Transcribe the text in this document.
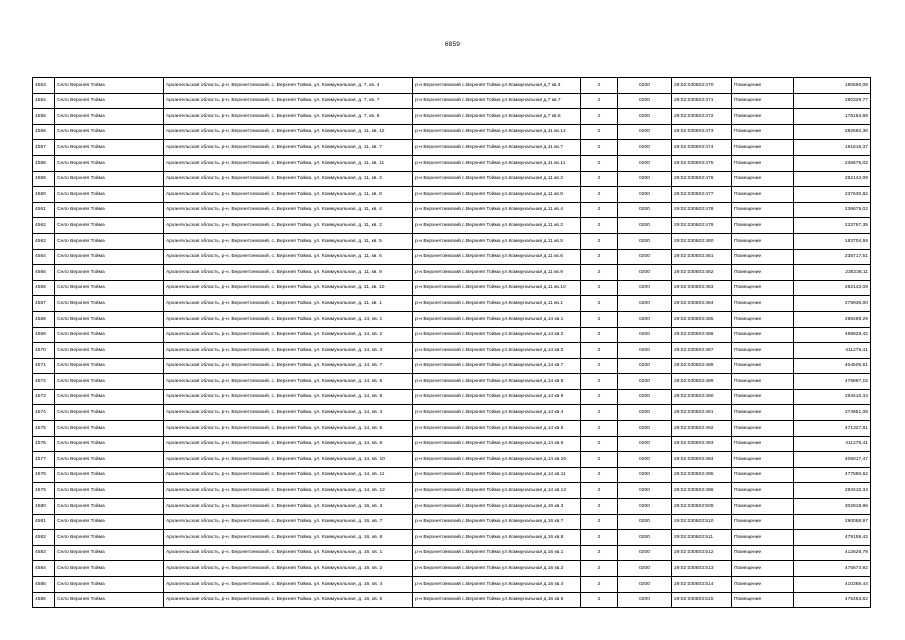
6859
4553	Село Верхняя Тойма	Архангельская область, р-н. Верхнетоемский, с. Верхняя Тойма, ул. Коммунальная, д. 7, кв. 4	р-н Верхнетоемский с.Верхняя Тойма ул.Коммунальная д.7 кв.4	2	0200	29:02:030503:470	Помещение	180560,08
4554	Село Верхняя Тойма	Архангельская область, р-н. Верхнетоемский, с. Верхняя Тойма, ул. Коммунальная, д. 7, кв. 7	р-н Верхнетоемский с.Верхняя Тойма ул.Коммунальная д.7 кв.7	2	0200	29:02:030503:471	Помещение	290329,77
4555	Село Верхняя Тойма	Архангельская область, р-н. Верхнетоемский, с. Верхняя Тойма, ул. Коммунальная, д. 7, кв. 8	р-н Верхнетоемский с.Верхняя Тойма ул.Коммунальная д.7 кв.8	2	0200	29:02:030503:472	Помещение	176163,89
4556	Село Верхняя Тойма	Архангельская область, р-н. Верхнетоемский, с. Верхняя Тойма, ул. Коммунальная, д. 11, кв. 12	р-н Верхнетоемский с.Верхняя Тойма ул.Коммунальная д.11 кв.12	2	0200	29:02:030503:473	Помещение	282582,36
4557	Село Верхняя Тойма	Архангельская область, р-н. Верхнетоемский, с. Верхняя Тойма, ул. Коммунальная, д. 11, кв. 7	р-н Верхнетоемский с.Верхняя Тойма ул.Коммунальная д.11 кв.7	2	0200	29:02:030503:474	Помещение	181615,37
4558	Село Верхняя Тойма	Архангельская область, р-н. Верхнетоемский, с. Верхняя Тойма, ул. Коммунальная, д. 11, кв. 11	р-н Верхнетоемский с.Верхняя Тойма ул.Коммунальная д.11 кв.11	2	0200	29:02:030503:475	Помещение	236675,02
4559	Село Верхняя Тойма	Архангельская область, р-н. Верхнетоемский, с. Верхняя Тойма, ул. Коммунальная, д. 11, кв. 3	р-н Верхнетоемский с.Верхняя Тойма ул.Коммунальная д.11 кв.3	2	0200	29:02:030503:476	Помещение	282142,09
4560	Село Верхняя Тойма	Архангельская область, р-н. Верхнетоемский, с. Верхняя Тойма, ул. Коммунальная, д. 11, кв. 8	р-н Верхнетоемский с.Верхняя Тойма ул.Коммунальная д.11 кв.8	2	0200	29:02:030503:477	Помещение	237630,82
4561	Село Верхняя Тойма	Архангельская область, р-н. Верхнетоемский, с. Верхняя Тойма, ул. Коммунальная, д. 11, кв. 4	р-н Верхнетоемский с.Верхняя Тойма ул.Коммунальная д.11 кв.4	2	0200	29:02:030503:478	Помещение	236675,02
4562	Село Верхняя Тойма	Архангельская область, р-н. Верхнетоемский, с. Верхняя Тойма, ул. Коммунальная, д. 11, кв. 2	р-н Верхнетоемский с.Верхняя Тойма ул.Коммунальная д.11 кв.2	2	0200	29:02:030503:479	Помещение	233797,35
4563	Село Верхняя Тойма	Архангельская область, р-н. Верхнетоемский, с. Верхняя Тойма, ул. Коммунальная, д. 11, кв. 5	р-н Верхнетоемский с.Верхняя Тойма ул.Коммунальная д.11 кв.5	2	0200	29:02:030503:480	Помещение	183704,59
4564	Село Верхняя Тойма	Архангельская область, р-н. Верхнетоемский, с. Верхняя Тойма, ул. Коммунальная, д. 11, кв. 6	р-н Верхнетоемский с.Верхняя Тойма ул.Коммунальная д.11 кв.6	2	0200	29:02:030503:481	Помещение	235717,51
4565	Село Верхняя Тойма	Архангельская область, р-н. Верхнетоемский, с. Верхняя Тойма, ул. Коммунальная, д. 11, кв. 9	р-н Верхнетоемский с.Верхняя Тойма ул.Коммунальная д.11 кв.9	2	0200	29:02:030503:482	Помещение	235238,11
4566	Село Верхняя Тойма	Архангельская область, р-н. Верхнетоемский, с. Верхняя Тойма, ул. Коммунальная, д. 11, кв. 10	р-н Верхнетоемский с.Верхняя Тойма ул.Коммунальная д.11 кв.10	2	0200	29:02:030503:483	Помещение	282142,09
4567	Село Верхняя Тойма	Архангельская область, р-н. Верхнетоемский, с. Верхняя Тойма, ул. Коммунальная, д. 11, кв. 1	р-н Верхнетоемский с.Верхняя Тойма ул.Коммунальная д.11 кв.1	2	0200	29:02:030503:484	Помещение	279936,00
4568	Село Верхняя Тойма	Архангельская область, р-н. Верхнетоемский, с. Верхняя Тойма, ул. Коммунальная, д. 14, кв. 1	р-н Верхнетоемский с.Верхняя Тойма ул.Коммунальная д.14 кв.1	2	0200	29:02:030503:485	Помещение	298469,29
4569	Село Верхняя Тойма	Архангельская область, р-н. Верхнетоемский, с. Верхняя Тойма, ул. Коммунальная, д. 14, кв. 2	р-н Верхнетоемский с.Верхняя Тойма ул.Коммунальная д.14 кв.2	2	0200	29:02:030503:486	Помещение	469929,42
4570	Село Верхняя Тойма	Архангельская область, р-н. Верхнетоемский, с. Верхняя Тойма, ул. Коммунальная, д. 14, кв. 3	р-н Верхнетоемский с.Верхняя Тойма ул.Коммунальная д.14 кв.3	2	0200	29:02:030503:487	Помещение	411275,41
4571	Село Верхняя Тойма	Архангельская область, р-н. Верхнетоемский, с. Верхняя Тойма, ул. Коммунальная, д. 14, кв. 7	р-н Верхнетоемский с.Верхняя Тойма ул.Коммунальная д.14 кв.7	2	0200	29:02:030503:488	Помещение	404505,51
4572	Село Верхняя Тойма	Архангельская область, р-н. Верхнетоемский, с. Верхняя Тойма, ул. Коммунальная, д. 14, кв. 8	р-н Верхнетоемский с.Верхняя Тойма ул.Коммунальная д.14 кв.8	2	0200	29:02:030503:489	Помещение	476887,15
4573	Село Верхняя Тойма	Архангельская область, р-н. Верхнетоемский, с. Верхняя Тойма, ул. Коммунальная, д. 14, кв. 9	р-н Верхнетоемский с.Верхняя Тойма ул.Коммунальная д.14 кв.9	2	0200	29:02:030503:490	Помещение	293410,34
4574	Село Верхняя Тойма	Архангельская область, р-н. Верхнетоемский, с. Верхняя Тойма, ул. Коммунальная, д. 14, кв. 4	р-н Верхнетоемский с.Верхняя Тойма ул.Коммунальная д.14 кв.4	2	0200	29:02:030503:491	Помещение	274651,08
4575	Село Верхняя Тойма	Архангельская область, р-н. Верхнетоемский, с. Верхняя Тойма, ул. Коммунальная, д. 14, кв. 5	р-н Верхнетоемский с.Верхняя Тойма ул.Коммунальная д.14 кв.5	2	0200	29:02:030503:492	Помещение	471327,81
4576	Село Верхняя Тойма	Архангельская область, р-н. Верхнетоемский, с. Верхняя Тойма, ул. Коммунальная, д. 14, кв. 6	р-н Верхнетоемский с.Верхняя Тойма ул.Коммунальная д.14 кв.6	2	0200	29:02:030503:493	Помещение	411275,41
4577	Село Верхняя Тойма	Архангельская область, р-н. Верхнетоемский, с. Верхняя Тойма, ул. Коммунальная, д. 14, кв. 10	р-н Верхнетоемский с.Верхняя Тойма ул.Коммунальная д.14 кв.10	2	0200	29:02:030503:494	Помещение	405017,47
4578	Село Верхняя Тойма	Архангельская область, р-н. Верхнетоемский, с. Верхняя Тойма, ул. Коммунальная, д. 14, кв. 11	р-н Верхнетоемский с.Верхняя Тойма ул.Коммунальная д.14 кв.11	2	0200	29:02:030503:495	Помещение	477590,62
4579	Село Верхняя Тойма	Архангельская область, р-н. Верхнетоемский, с. Верхняя Тойма, ул. Коммунальная, д. 14, кв. 12	р-н Верхнетоемский с.Верхняя Тойма ул.Коммунальная д.14 кв.12	2	0200	29:02:030503:496	Помещение	293410,34
4580	Село Верхняя Тойма	Архангельская область, р-н. Верхнетоемский, с. Верхняя Тойма, ул. Коммунальная, д. 16, кв. 3	р-н Верхнетоемский с.Верхняя Тойма ул.Коммунальная д.16 кв.3	2	0200	29:02:030503:509	Помещение	302819,96
4581	Село Верхняя Тойма	Архангельская область, р-н. Верхнетоемский, с. Верхняя Тойма, ул. Коммунальная, д. 16, кв. 7	р-н Верхнетоемский с.Верхняя Тойма ул.Коммунальная д.16 кв.7	2	0200	29:02:030503:510	Помещение	290068,97
4582	Село Верхняя Тойма	Архангельская область, р-н. Верхнетоемский, с. Верхняя Тойма, ул. Коммунальная, д. 16, кв. 8	р-н Верхнетоемский с.Верхняя Тойма ул.Коммунальная д.16 кв.8	2	0200	29:02:030503:511	Помещение	479159,42
4583	Село Верхняя Тойма	Архангельская область, р-н. Верхнетоемский, с. Верхняя Тойма, ул. Коммунальная, д. 16, кв. 1	р-н Верхнетоемский с.Верхняя Тойма ул.Коммунальная д.16 кв.1	2	0200	29:02:030503:512	Помещение	412626,78
4584	Село Верхняя Тойма	Архангельская область, р-н. Верхнетоемский, с. Верхняя Тойма, ул. Коммунальная, д. 16, кв. 2	р-н Верхнетоемский с.Верхняя Тойма ул.Коммунальная д.16 кв.2	2	0200	29:02:030503:513	Помещение	475674,92
4585	Село Верхняя Тойма	Архангельская область, р-н. Верхнетоемский, с. Верхняя Тойма, ул. Коммунальная, д. 16, кв. 4	р-н Верхнетоемский с.Верхняя Тойма ул.Коммунальная д.16 кв.4	2	0200	29:02:030503:514	Помещение	410369,44
4586	Село Верхняя Тойма	Архангельская область, р-н. Верхнетоемский, с. Верхняя Тойма, ул. Коммунальная, д. 16, кв. 5	р-н Верхнетоемский с.Верхняя Тойма ул.Коммунальная д.16 кв.5	2	0200	29:02:030503:515	Помещение	475463,62
